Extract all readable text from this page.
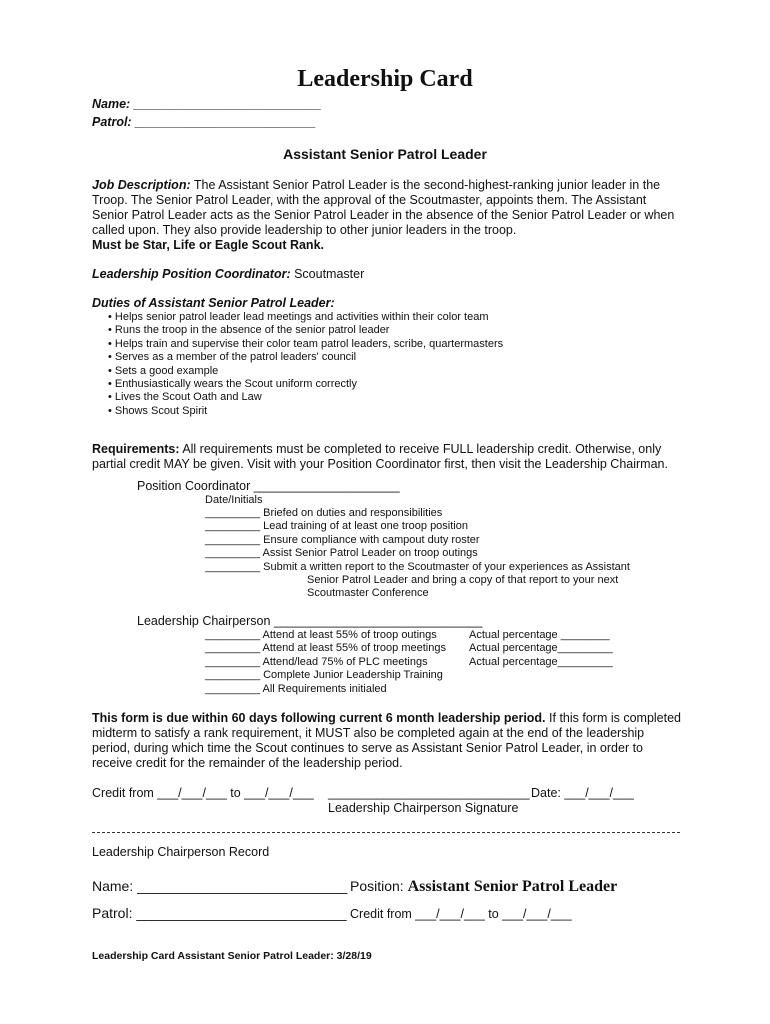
Leadership Card
Name: ___________________________
Patrol: __________________________
Assistant Senior Patrol Leader
Job Description: The Assistant Senior Patrol Leader is the second-highest-ranking junior leader in the Troop. The Senior Patrol Leader, with the approval of the Scoutmaster, appoints them. The Assistant Senior Patrol Leader acts as the Senior Patrol Leader in the absence of the Senior Patrol Leader or when called upon. They also provide leadership to other junior leaders in the troop.
Must be Star, Life or Eagle Scout Rank.
Leadership Position Coordinator: Scoutmaster
Duties of Assistant Senior Patrol Leader:
• Helps senior patrol leader lead meetings and activities within their color team
• Runs the troop in the absence of the senior patrol leader
• Helps train and supervise their color team patrol leaders, scribe, quartermasters
• Serves as a member of the patrol leaders' council
• Sets a good example
• Enthusiastically wears the Scout uniform correctly
• Lives the Scout Oath and Law
• Shows Scout Spirit
Requirements: All requirements must be completed to receive FULL leadership credit. Otherwise, only partial credit MAY be given. Visit with your Position Coordinator first, then visit the Leadership Chairman.
Position Coordinator _____________________
Date/Initials
_________ Briefed on duties and responsibilities
_________ Lead training of at least one troop position
_________ Ensure compliance with campout duty roster
_________ Assist Senior Patrol Leader on troop outings
_________ Submit a written report to the Scoutmaster of your experiences as Assistant
Senior Patrol Leader and bring a copy of that report to your next
Scoutmaster Conference
Leadership Chairperson ______________________________
_________ Attend at least 55% of troop outings
_________ Attend at least 55% of troop meetings
_________ Attend/lead 75% of PLC meetings
_________ Complete Junior Leadership Training
_________ All Requirements initialed
Actual percentage ________
Actual percentage_________
Actual percentage_________
This form is due within 60 days following current 6 month leadership period. If this form is completed midterm to satisfy a rank requirement, it MUST also be completed again at the end of the leadership period, during which time the Scout continues to serve as Assistant Senior Patrol Leader, in order to receive credit for the remainder of the leadership period.
Credit from ___/___/___ to ___/___/___ _____________________________ Date: ___/___/___
Leadership Chairperson Signature
Leadership Chairperson Record
Name: ___________________________ Position: Assistant Senior Patrol Leader
Patrol: ___________________________ Credit from ___/___/___ to ___/___/___
Leadership Card Assistant Senior Patrol Leader: 3/28/19
